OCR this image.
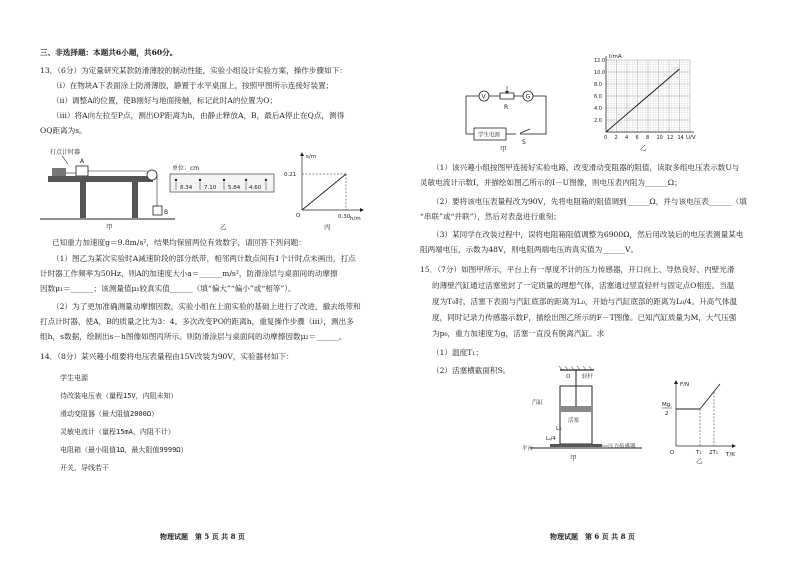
三、非选择题：本题共6小题，共60分。
13．（6分）为定量研究某款防滑薄胶的制动性能，实验小组设计实验方案，操作步骤如下：
（i）在物块A下表面涂上防滑薄胶，静置于水平桌面上，按照甲图所示连接好装置；
（ii）调整A的位置，使B刚好与地面接触，标记此时A的位置为O；
（iii）将A向左拉至P点，测出OP距离为h，由静止释放A，B，最后A停止在Q点，测得
OQ距离为s。
打点计时器
A
B
甲
单位：cm
8.34 7.10 5.84 4.60
乙
s/m
h/m
O
0.21
0.30
丙
已知重力加速度g＝9.8m/s²，结果均保留两位有效数字，请回答下列问题：
（1）图乙为某次实验时A减速阶段的部分纸带，相邻两计数点间有1个计时点未画出，打点
计时器工作频率为50Hz，则A的加速度大小a＝______m/s²，防滑涂层与桌面间的动摩擦
因数μ₁＝______；该测量值μ₁较真实值______（填“偏大”“偏小”或“相等”）。
（2）为了更加准确测量动摩擦因数，实验小组在上面实验的基础上进行了改进，撤去纸带和
打点计时器，使A，B的质量之比为3：4。多次改变PO的距离h，重复操作步骤（iii），测出多
组h，s数据，绘制出s－h图像如图丙所示。则防滑涂层与桌面间的动摩擦因数μ₂＝______。
14．（8分）某兴趣小组要将电压表量程由15V改装为90V，实验器材如下：
学生电源
待改装电压表（量程15V，内阻未知）
滑动变阻器（最大阻值2000Ω）
灵敏电流计（量程15mA，内阻不计）
电阻箱（最小阻值1Ω，最大阻值9999Ω）
开关、导线若干
物理试题　第 5 页 共 8 页
V
R
G
学生电源
S
甲
0 2 4 6 8 10 12 14
2.0
4.0
6.0
8.0
10.0
12.0
I/mA
U/V
乙
（1）该兴趣小组按图甲连接好实验电路，改变滑动变阻器的阻值，读取多组电压表示数U与
灵敏电流计示数I，并描绘如图乙所示的I－U图像，则电压表内阻为______Ω；
（2）要将该电压表量程改为90V，先将电阻箱的阻值调到______Ω，并与该电压表______（填
“串联”或“并联”），然后对表盘进行重刻；
（3）某同学在改装过程中，误将电阻箱阻值调整为6900Ω，然后用改装后的电压表测量某电
阻两端电压，示数为48V，则电阻两端电压的真实值为______V。
15．（7分）如图甲所示，平台上有一厚度不计的压力传感器，开口向上、导热良好、内壁光滑
的薄壁汽缸通过活塞密封了一定质量的理想气体，活塞通过竖直轻杆与固定点O相连。当温
度为T₀时，活塞下表面与汽缸底部的距离为L₀，开始与汽缸底部的距离为L₀/4。升高气体温
度，同时记录力传感器示数F，描绘出图乙所示的F－T图像。已知汽缸质量为M，大气压强
为p₀，重力加速度为g，活塞一直没有脱离汽缸。求
（1）温度T₁；
（2）活塞横截面积S。
O 轻杆
汽缸
活塞
L₀
L₀/4
压力传感器
平台
甲
F/N
T/K
O
Mg
2
T₁ 2T₁
乙
物理试题　第 6 页 共 8 页
